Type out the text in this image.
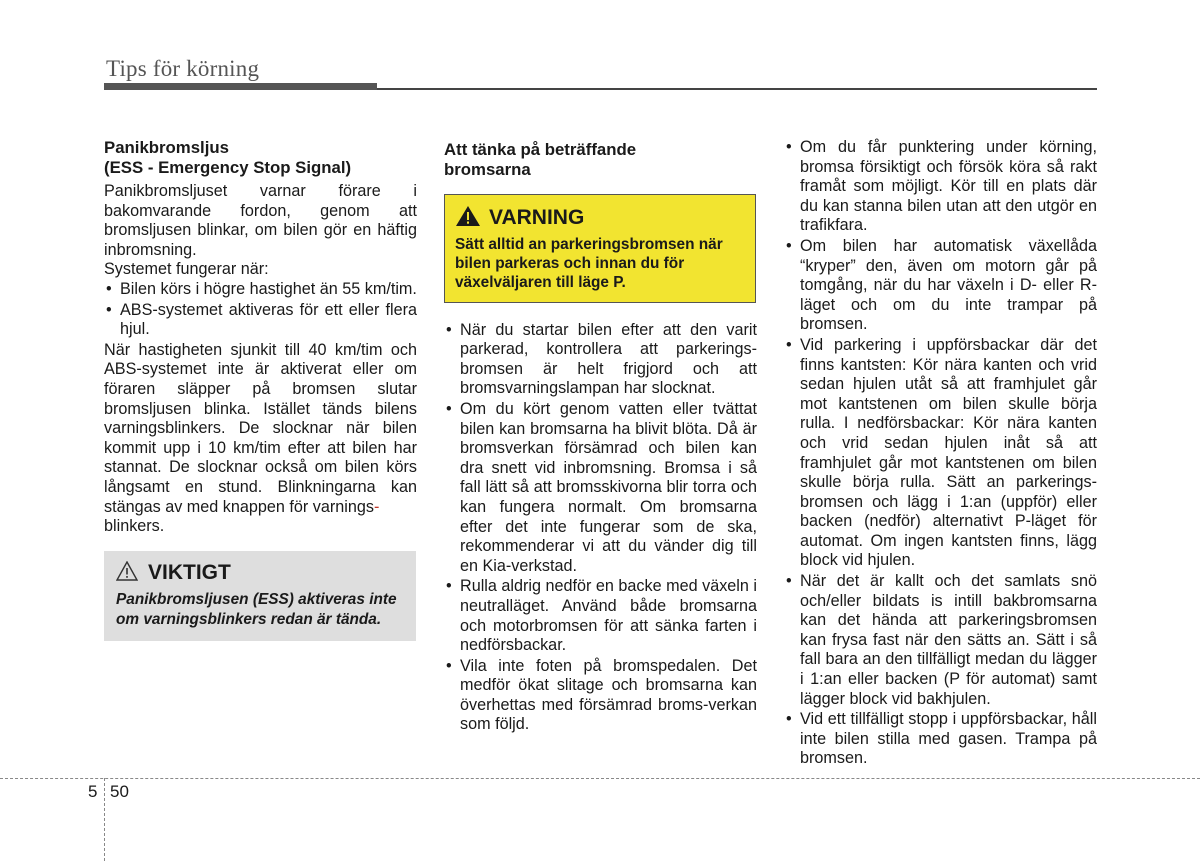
Tips för körning
Panikbromsljus
(ESS - Emergency Stop Signal)

Panikbromsljuset varnar förare i bakomvarande fordon, genom att bromsljusen blinkar, om bilen gör en häftig inbromsning.

Systemet fungerar när:

• Bilen körs i högre hastighet än 55 km/tim.
• ABS-systemet aktiveras för ett eller flera hjul.

När hastigheten sjunkit till 40 km/tim och ABS-systemet inte är aktiverat eller om föraren släpper på bromsen slutar bromsljusen blinka. Istället tänds bilens varningsblinkers. De slocknar när bilen kommit upp i 10 km/tim efter att bilen har stannat. De slocknar också om bilen körs långsamt en stund. Blinkningarna kan stängas av med knappen för varnings-
blinkers.

VIKTIGT
Panikbromsljusen (ESS) aktiveras inte om varningsblinkers redan är tända.
Att tänka på beträffande
bromsarna
VARNING
Sätt alltid an parkeringsbromsen när bilen parkeras och innan du för växelväljaren till läge P.
• När du startar bilen efter att den varit parkerad, kontrollera att parkerings-bromsen är helt frigjord och att bromsvarningslampan har slocknat.
• Om du kört genom vatten eller tvättat bilen kan bromsarna ha blivit blöta. Då är bromsverkan försämrad och bilen kan dra snett vid inbromsning. Bromsa i så fall lätt så att bromsskivorna blir torra och kan fungera normalt. Om bromsarna efter det inte fungerar som de ska, rekommenderar vi att du vänder dig till en Kia-verkstad.
• Rulla aldrig nedför en backe med växeln i neutralläget. Använd både bromsarna och motorbromsen för att sänka farten i nedförsbackar.
• Vila inte foten på bromspedalen. Det medför ökat slitage och bromsarna kan överhettas med försämrad broms-verkan som följd.
• Om du får punktering under körning, bromsa försiktigt och försök köra så rakt framåt som möjligt. Kör till en plats där du kan stanna bilen utan att den utgör en trafikfara.
• Om bilen har automatisk växellåda “kryper” den, även om motorn går på tomgång, när du har växeln i D- eller R-läget och om du inte trampar på bromsen.
• Vid parkering i uppförsbackar där det finns kantsten: Kör nära kanten och vrid sedan hjulen utåt så att framhjulet går mot kantstenen om bilen skulle börja rulla. I nedförsbackar: Kör nära kanten och vrid sedan hjulen inåt så att framhjulet går mot kantstenen om bilen skulle börja rulla. Sätt an parkerings-bromsen och lägg i 1:an (uppför) eller backen (nedför) alternativt P-läget för automat. Om ingen kantsten finns, lägg block vid hjulen.
• När det är kallt och det samlats snö och/eller bildats is intill bakbromsarna kan det hända att parkeringsbromsen kan frysa fast när den sätts an. Sätt i så fall bara an den tillfälligt medan du lägger i 1:an eller backen (P för automat) samt lägger block vid bakhjulen.
• Vid ett tillfälligt stopp i uppförsbackar, håll inte bilen stilla med gasen. Trampa på bromsen.
5 50
